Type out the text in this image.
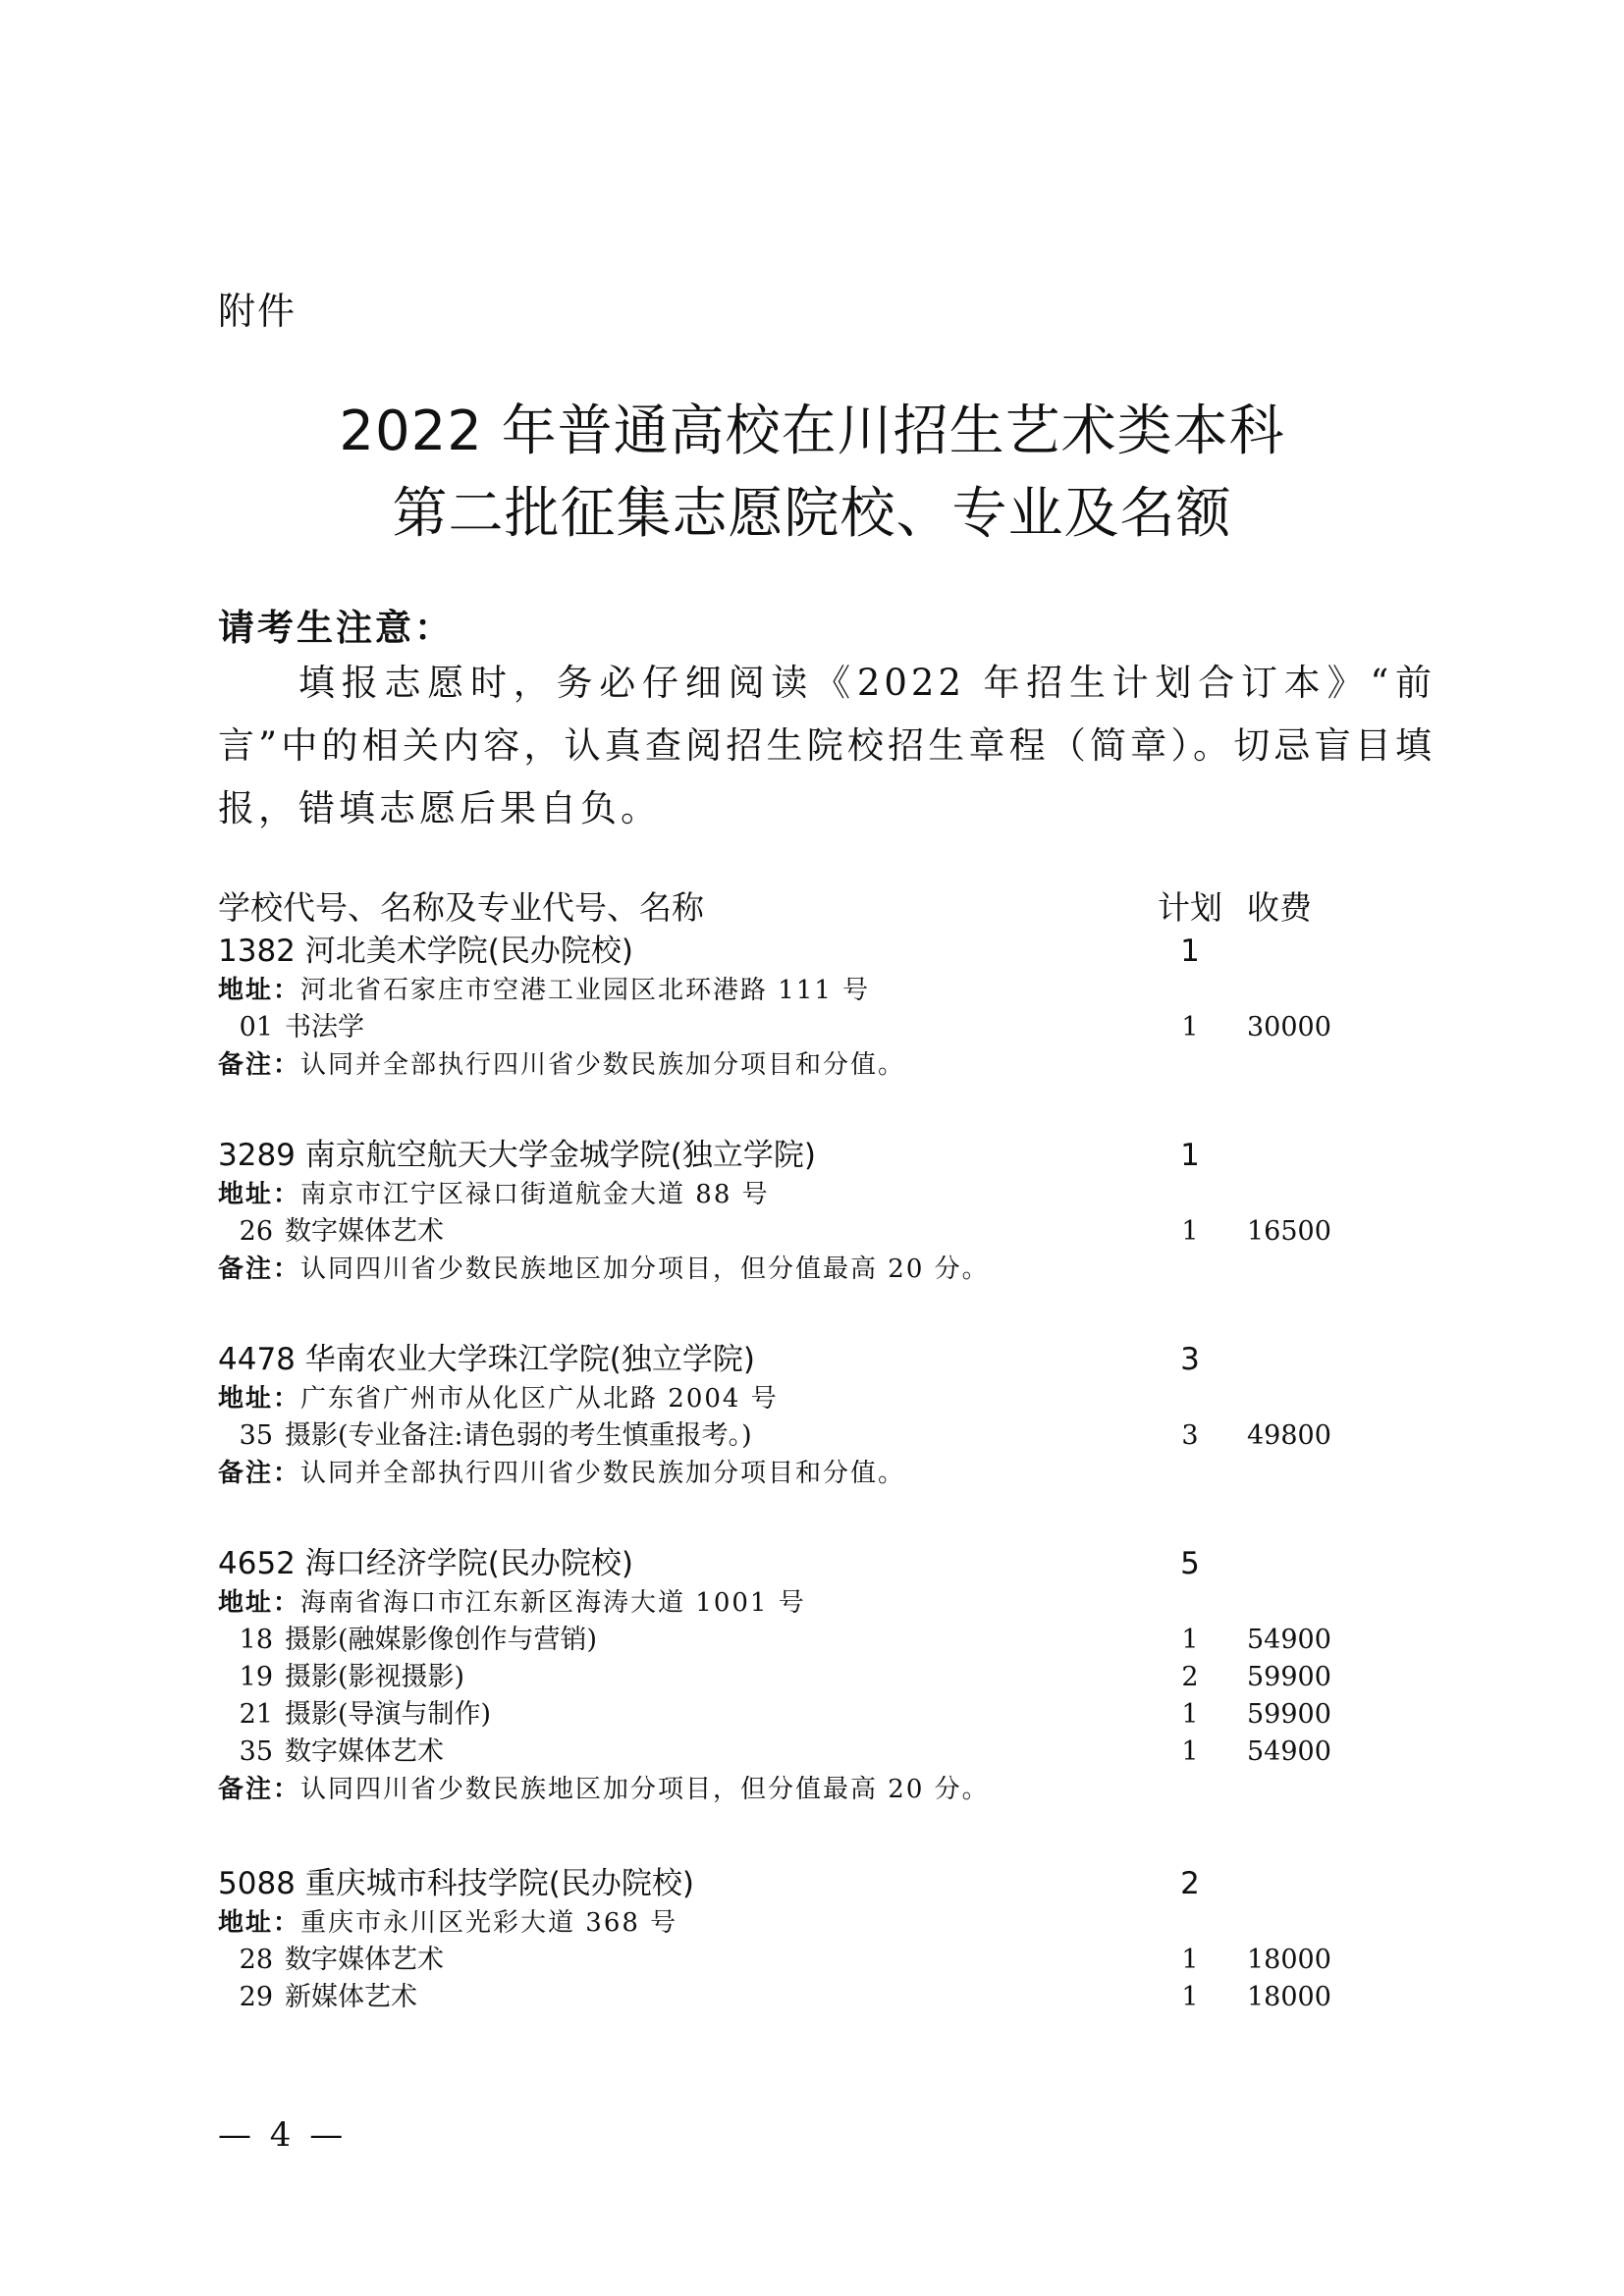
附件
2022 年普通高校在川招生艺术类本科
第二批征集志愿院校、专业及名额
请考生注意：
填报志愿时，务必仔细阅读《2022 年招生计划合订本》“前言”中的相关内容，认真查阅招生院校招生章程（简章）。切忌盲目填报，错填志愿后果自负。
学校代号、名称及专业代号、名称	计划 收费
1382 河北美术学院(民办院校)	1
地址：河北省石家庄市空港工业园区北环港路 111 号
01 书法学	1	30000
备注：认同并全部执行四川省少数民族加分项目和分值。
3289 南京航空航天大学金城学院(独立学院)	1
地址：南京市江宁区禄口街道航金大道 88 号
26 数字媒体艺术	1	16500
备注：认同四川省少数民族地区加分项目，但分值最高 20 分。
4478 华南农业大学珠江学院(独立学院)	3
地址：广东省广州市从化区广从北路 2004 号
35 摄影(专业备注:请色弱的考生慎重报考。)	3	49800
备注：认同并全部执行四川省少数民族加分项目和分值。
4652 海口经济学院(民办院校)	5
地址：海南省海口市江东新区海涛大道 1001 号
18 摄影(融媒影像创作与营销)	1	54900
19 摄影(影视摄影)	2	59900
21 摄影(导演与制作)	1	59900
35 数字媒体艺术	1	54900
备注：认同四川省少数民族地区加分项目，但分值最高 20 分。
5088 重庆城市科技学院(民办院校)	2
地址：重庆市永川区光彩大道 368 号
28 数字媒体艺术	1	18000
29 新媒体艺术	1	18000
— 4 —
